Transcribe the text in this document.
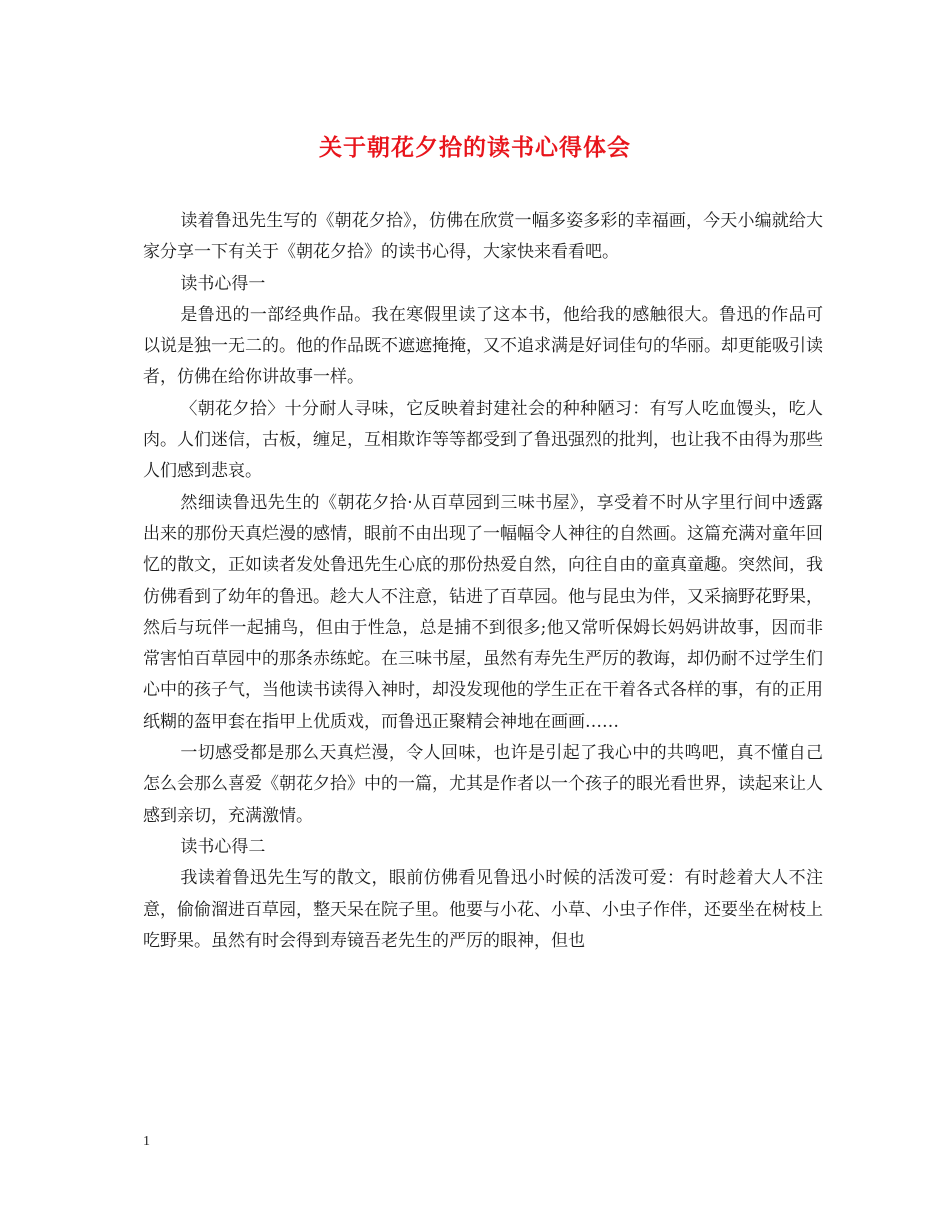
关于朝花夕拾的读书心得体会

读着鲁迅先生写的《朝花夕拾》，仿佛在欣赏一幅多姿多彩的幸福画，今天小编就给大家分享一下有关于《朝花夕拾》的读书心得，大家快来看看吧。

读书心得一

是鲁迅的一部经典作品。我在寒假里读了这本书，他给我的感触很大。鲁迅的作品可以说是独一无二的。他的作品既不遮遮掩掩，又不追求满是好词佳句的华丽。却更能吸引读者，仿佛在给你讲故事一样。

〈朝花夕拾〉十分耐人寻味，它反映着封建社会的种种陋习：有写人吃血馒头，吃人肉。人们迷信，古板，缠足，互相欺诈等等都受到了鲁迅强烈的批判，也让我不由得为那些人们感到悲哀。

然细读鲁迅先生的《朝花夕拾·从百草园到三味书屋》，享受着不时从字里行间中透露出来的那份天真烂漫的感情，眼前不由出现了一幅幅令人神往的自然画。这篇充满对童年回忆的散文，正如读者发处鲁迅先生心底的那份热爱自然，向往自由的童真童趣。突然间，我仿佛看到了幼年的鲁迅。趁大人不注意，钻进了百草园。他与昆虫为伴，又采摘野花野果，然后与玩伴一起捕鸟，但由于性急，总是捕不到很多;他又常听保姆长妈妈讲故事，因而非常害怕百草园中的那条赤练蛇。在三味书屋，虽然有寿先生严厉的教诲，却仍耐不过学生们心中的孩子气，当他读书读得入神时，却没发现他的学生正在干着各式各样的事，有的正用纸糊的盔甲套在指甲上优质戏，而鲁迅正聚精会神地在画画……

一切感受都是那么天真烂漫，令人回味，也许是引起了我心中的共鸣吧，真不懂自己怎么会那么喜爱《朝花夕拾》中的一篇，尤其是作者以一个孩子的眼光看世界，读起来让人感到亲切，充满激情。

读书心得二

我读着鲁迅先生写的散文，眼前仿佛看见鲁迅小时候的活泼可爱：有时趁着大人不注意，偷偷溜进百草园，整天呆在院子里。他要与小花、小草、小虫子作伴，还要坐在树枝上吃野果。虽然有时会得到寿镜吾老先生的严厉的眼神，但也

1
